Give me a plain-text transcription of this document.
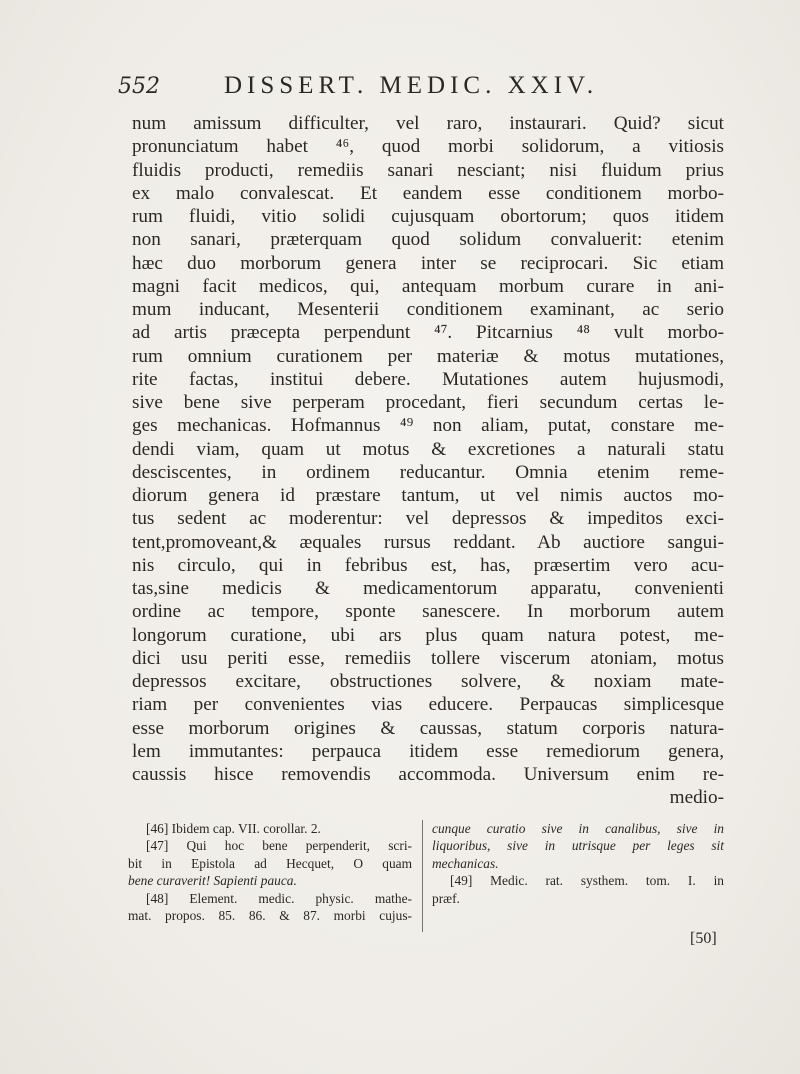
552	DISSERT. MEDIC. XXIV.
num amissum difficulter, vel raro, instaurari. Quid? sicut
pronunciatum habet ⁴⁶, quod morbi solidorum, a vitiosis
fluidis producti, remediis sanari nesciant; nisi fluidum prius
ex malo convalescat. Et eandem esse conditionem morbo-
rum fluidi, vitio solidi cujusquam obortorum; quos itidem
non sanari, præterquam quod solidum convaluerit: etenim
hæc duo morborum genera inter se reciprocari. Sic etiam
magni facit medicos, qui, antequam morbum curare in ani-
mum inducant, Mesenterii conditionem examinant, ac serio
ad artis præcepta perpendunt ⁴⁷. Pitcarnius ⁴⁸ vult morbo-
rum omnium curationem per materiæ & motus mutationes,
rite factas, institui debere. Mutationes autem hujusmodi,
sive bene sive perperam procedant, fieri secundum certas le-
ges mechanicas. Hofmannus ⁴⁹ non aliam, putat, constare me-
dendi viam, quam ut motus & excretiones a naturali statu
desciscentes, in ordinem reducantur. Omnia etenim reme-
diorum genera id præstare tantum, ut vel nimis auctos mo-
tus sedent ac moderentur: vel depressos & impeditos exci-
tent,promoveant,& æquales rursus reddant. Ab auctiore sangui-
nis circulo, qui in febribus est, has, præsertim vero acu-
tas,sine medicis & medicamentorum apparatu, convenienti
ordine ac tempore, sponte sanescere. In morborum autem
longorum curatione, ubi ars plus quam natura potest, me-
dici usu periti esse, remediis tollere viscerum atoniam, motus
depressos excitare, obstructiones solvere, & noxiam mate-
riam per convenientes vias educere. Perpaucas simplicesque
esse morborum origines & caussas, statum corporis natura-
lem immutantes: perpauca itidem esse remediorum genera,
caussis hisce removendis accommoda. Universum enim re-
medio-
[46] Ibidem cap. VII. corollar. 2.
[47] Qui hoc bene perpenderit, scri-
bit in Epistola ad Hecquet, O quam
bene curaverit! Sapienti pauca.
[48] Element. medic. physic. mathe-
mat. propos. 85. 86. & 87. morbi cujus-
cunque curatio sive in canalibus, sive in
liquoribus, sive in utrisque per leges sit
mechanicas.
[49] Medic. rat. systhem. tom. I. in
præf.
[50]
